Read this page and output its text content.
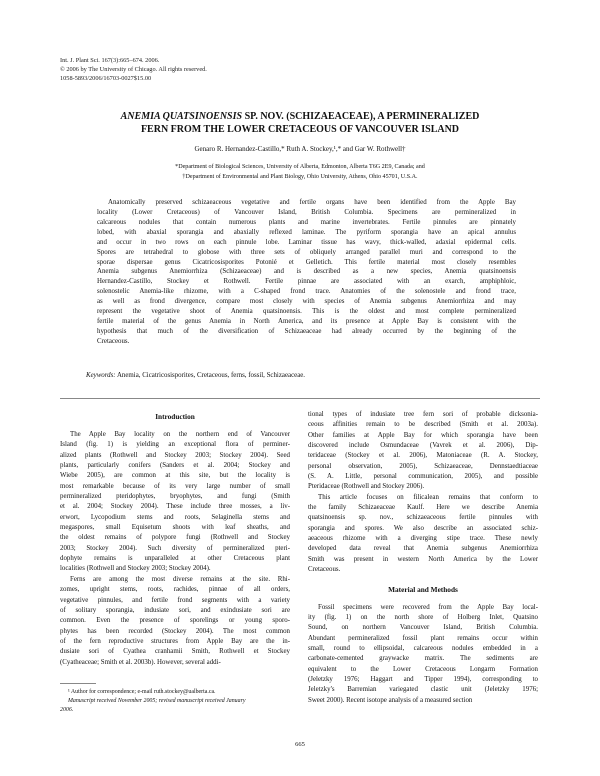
Int. J. Plant Sci. 167(3):665–674. 2006.
© 2006 by The University of Chicago. All rights reserved.
1058-5893/2006/16703-0027$15.00
ANEMIA QUATSINOENSIS SP. NOV. (SCHIZAEACEAE), A PERMINERALIZED
FERN FROM THE LOWER CRETACEOUS OF VANCOUVER ISLAND
Genaro R. Hernandez-Castillo,* Ruth A. Stockey,¹,* and Gar W. Rothwell†
*Department of Biological Sciences, University of Alberta, Edmonton, Alberta T6G 2E9, Canada; and
†Department of Environmental and Plant Biology, Ohio University, Athens, Ohio 45701, U.S.A.
Anatomically preserved schizaeaceous vegetative and fertile organs have been identified from the Apple Bay
locality (Lower Cretaceous) of Vancouver Island, British Columbia. Specimens are permineralized in
calcareous nodules that contain numerous plants and marine invertebrates. Fertile pinnules are pinnately
lobed, with abaxial sporangia and abaxially reflexed laminae. The pyriform sporangia have an apical annulus
and occur in two rows on each pinnule lobe. Laminar tissue has wavy, thick-walled, adaxial epidermal cells.
Spores are tetrahedral to globose with three sets of obliquely arranged parallel muri and correspond to the
sporae dispersae genus Cicatricosisporites Potonié et Gelletich. This fertile material most closely resembles
Anemia subgenus Anemiorrhiza (Schizaeaceae) and is described as a new species, Anemia quatsinoensis
Hernandez-Castillo, Stockey et Rothwell. Fertile pinnae are associated with an exarch, amphiphloic,
solenostelic Anemia-like rhizome, with a C-shaped frond trace. Anatomies of the solenostele and frond trace,
as well as frond divergence, compare most closely with species of Anemia subgenus Anemiorrhiza and may
represent the vegetative shoot of Anemia quatsinoensis. This is the oldest and most complete permineralized
fertile material of the genus Anemia in North America, and its presence at Apple Bay is consistent with the
hypothesis that much of the diversification of Schizaeaceae had already occurred by the beginning of the
Cretaceous.
Keywords: Anemia, Cicatricosisporites, Cretaceous, ferns, fossil, Schizaeaceae.
Introduction
The Apple Bay locality on the northern end of Vancouver
Island (fig. 1) is yielding an exceptional flora of perminer-
alized plants (Rothwell and Stockey 2003; Stockey 2004). Seed
plants, particularly conifers (Sanders et al. 2004; Stockey and
Wiebe 2005), are common at this site, but the locality is
most remarkable because of its very large number of small
permineralized pteridophytes, bryophytes, and fungi (Smith
et al. 2004; Stockey 2004). These include three mosses, a liv-
erwort, Lycopodium stems and roots, Selaginella stems and
megaspores, small Equisetum shoots with leaf sheaths, and
the oldest remains of polypore fungi (Rothwell and Stockey
2003; Stockey 2004). Such diversity of permineralized pteri-
dophyte remains is unparalleled at other Cretaceous plant
localities (Rothwell and Stockey 2003; Stockey 2004).
Ferns are among the most diverse remains at the site. Rhi-
zomes, upright stems, roots, rachides, pinnae of all orders,
vegetative pinnules, and fertile frond segments with a variety
of solitary sporangia, indusiate sori, and exindusiate sori are
common. Even the presence of sporelings or young sporo-
phytes has been recorded (Stockey 2004). The most common
of the fern reproductive structures from Apple Bay are the in-
dusiate sori of Cyathea cranhamii Smith, Rothwell et Stockey
(Cyatheaceae; Smith et al. 2003b). However, several addi-
tional types of indusiate tree fern sori of probable dicksonia-
ceous affinities remain to be described (Smith et al. 2003a).
Other families at Apple Bay for which sporangia have been
discovered include Osmundaceae (Vavrek et al. 2006), Dip-
teridaceae (Stockey et al. 2006), Matoniaceae (R. A. Stockey,
personal observation, 2005), Schizaeaceae, Dennstaedtiaceae
(S. A. Little, personal communication, 2005), and possible
Pteridaceae (Rothwell and Stockey 2006).
This article focuses on filicalean remains that conform to
the family Schizaeaceae Kaulf. Here we describe Anemia
quatsinoensis sp. nov., schizaeaceous fertile pinnules with
sporangia and spores. We also describe an associated schiz-
aeaceous rhizome with a diverging stipe trace. These newly
developed data reveal that Anemia subgenus Anemiorrhiza
Smith was present in western North America by the Lower
Cretaceous.
Material and Methods
Fossil specimens were recovered from the Apple Bay local-
ity (fig. 1) on the north shore of Holberg Inlet, Quatsino
Sound, on northern Vancouver Island, British Columbia.
Abundant permineralized fossil plant remains occur within
small, round to ellipsoidal, calcareous nodules embedded in a
carbonate-cemented graywacke matrix. The sediments are
equivalent to the Lower Cretaceous Longarm Formation
(Jeletzky 1976; Haggart and Tipper 1994), corresponding to
Jeletzky's Barremian variegated clastic unit (Jeletzky 1976;
Sweet 2000). Recent isotope analysis of a measured section
¹ Author for correspondence; e-mail ruth.stockey@ualberta.ca.
Manuscript received November 2005; revised manuscript received January
2006.
665
